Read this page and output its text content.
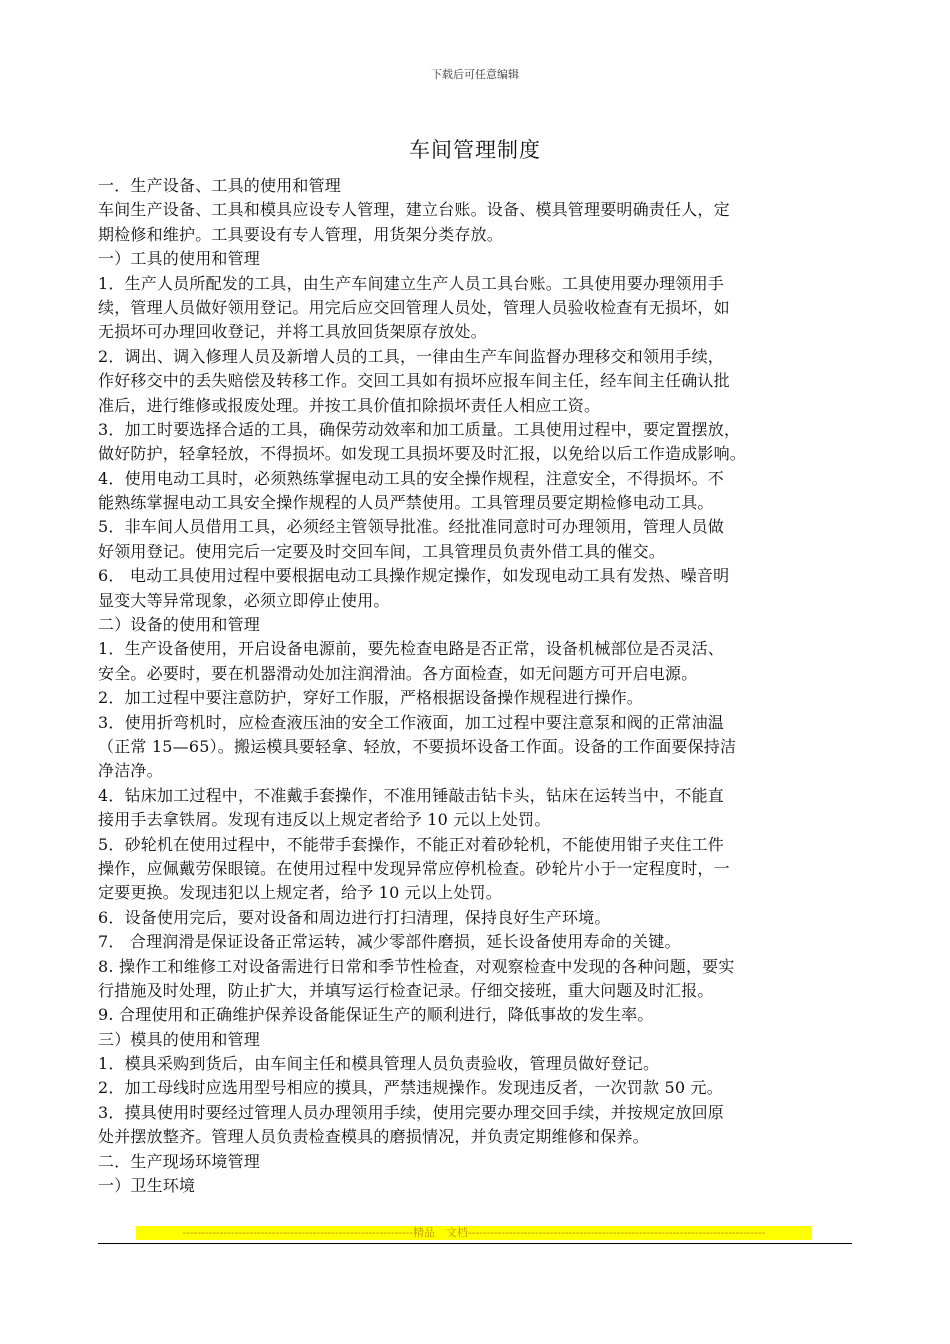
下载后可任意编辑
车间管理制度
一．生产设备、工具的使用和管理
车间生产设备、工具和模具应设专人管理，建立台账。设备、模具管理要明确责任人，定
期检修和维护。工具要设有专人管理，用货架分类存放。
一）工具的使用和管理
1．生产人员所配发的工具，由生产车间建立生产人员工具台账。工具使用要办理领用手
续，管理人员做好领用登记。用完后应交回管理人员处，管理人员验收检查有无损坏，如
无损坏可办理回收登记，并将工具放回货架原存放处。
2．调出、调入修理人员及新增人员的工具，一律由生产车间监督办理移交和领用手续，
作好移交中的丢失赔偿及转移工作。交回工具如有损坏应报车间主任，经车间主任确认批
准后，进行维修或报废处理。并按工具价值扣除损坏责任人相应工资。
3．加工时要选择合适的工具，确保劳动效率和加工质量。工具使用过程中，要定置摆放，
做好防护，轻拿轻放，不得损坏。如发现工具损坏要及时汇报，以免给以后工作造成影响。
4．使用电动工具时，必须熟练掌握电动工具的安全操作规程，注意安全，不得损坏。不
能熟练掌握电动工具安全操作规程的人员严禁使用。工具管理员要定期检修电动工具。
5．非车间人员借用工具，必须经主管领导批准。经批准同意时可办理领用，管理人员做
好领用登记。使用完后一定要及时交回车间，工具管理员负责外借工具的催交。
6． 电动工具使用过程中要根据电动工具操作规定操作，如发现电动工具有发热、噪音明
显变大等异常现象，必须立即停止使用。
二）设备的使用和管理
1．生产设备使用，开启设备电源前，要先检查电路是否正常，设备机械部位是否灵活、
安全。必要时，要在机器滑动处加注润滑油。各方面检查，如无问题方可开启电源。
2．加工过程中要注意防护，穿好工作服，严格根据设备操作规程进行操作。
3．使用折弯机时，应检查液压油的安全工作液面，加工过程中要注意泵和阀的正常油温
（正常 15—65）。搬运模具要轻拿、轻放，不要损坏设备工作面。设备的工作面要保持洁
净洁净。
4．钻床加工过程中，不准戴手套操作，不准用锤敲击钻卡头，钻床在运转当中，不能直
接用手去拿铁屑。发现有违反以上规定者给予 10 元以上处罚。
5．砂轮机在使用过程中，不能带手套操作，不能正对着砂轮机，不能使用钳子夹住工件
操作，应佩戴劳保眼镜。在使用过程中发现异常应停机检查。砂轮片小于一定程度时，一
定要更换。发现违犯以上规定者，给予 10 元以上处罚。
6．设备使用完后，要对设备和周边进行打扫清理，保持良好生产环境。
7． 合理润滑是保证设备正常运转，减少零部件磨损，延长设备使用寿命的关键。
8. 操作工和维修工对设备需进行日常和季节性检查，对观察检查中发现的各种问题，要实
行措施及时处理，防止扩大，并填写运行检查记录。仔细交接班，重大问题及时汇报。
9. 合理使用和正确维护保养设备能保证生产的顺利进行，降低事故的发生率。
三）模具的使用和管理
1．模具采购到货后，由车间主任和模具管理人员负责验收，管理员做好登记。
2．加工母线时应选用型号相应的摸具，严禁违规操作。发现违反者，一次罚款 50 元。
3．摸具使用时要经过管理人员办理领用手续，使用完要办理交回手续，并按规定放回原
处并摆放整齐。管理人员负责检查模具的磨损情况，并负责定期维修和保养。
二．生产现场环境管理
一）卫生环境
--------------------------------------------------------------精品　文档--------------------------------------------------------------------------------
